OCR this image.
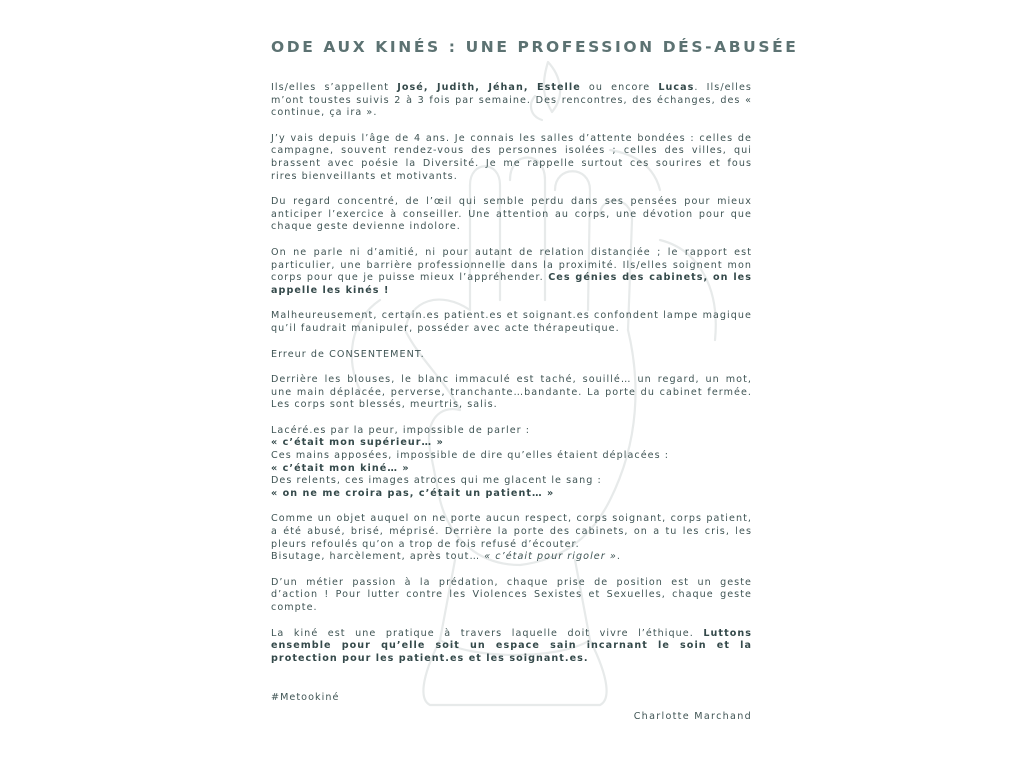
ODE AUX KINÉS : UNE PROFESSION DÉS-ABUSÉE

Ils/elles s’appellent José, Judith, Jéhan, Estelle ou encore Lucas. Ils/elles m’ont toustes suivis 2 à 3 fois par semaine. Des rencontres, des échanges, des « continue, ça ira ».

J’y vais depuis l’âge de 4 ans. Je connais les salles d’attente bondées : celles de campagne, souvent rendez-vous des personnes isolées ; celles des villes, qui brassent avec poésie la Diversité. Je me rappelle surtout ces sourires et fous rires bienveillants et motivants.

Du regard concentré, de l’œil qui semble perdu dans ses pensées pour mieux anticiper l’exercice à conseiller. Une attention au corps, une dévotion pour que chaque geste devienne indolore.

On ne parle ni d’amitié, ni pour autant de relation distanciée ; le rapport est particulier, une barrière professionnelle dans la proximité. Ils/elles soignent mon corps pour que je puisse mieux l’appréhender. Ces génies des cabinets, on les appelle les kinés !

Malheureusement, certain.es patient.es et soignant.es confondent lampe magique qu’il faudrait manipuler, posséder avec acte thérapeutique.

Erreur de CONSENTEMENT.

Derrière les blouses, le blanc immaculé est taché, souillé… un regard, un mot, une main déplacée, perverse, tranchante…bandante. La porte du cabinet fermée. Les corps sont blessés, meurtris, salis.

Lacéré.es par la peur, impossible de parler :
« c’était mon supérieur… »
Ces mains apposées, impossible de dire qu’elles étaient déplacées :
« c’était mon kiné… »
Des relents, ces images atroces qui me glacent le sang :
« on ne me croira pas, c’était un patient… »

Comme un objet auquel on ne porte aucun respect, corps soignant, corps patient, a été abusé, brisé, méprisé. Derrière la porte des cabinets, on a tu les cris, les pleurs refoulés qu’on a trop de fois refusé d’écouter.
Bisutage, harcèlement, après tout… « c’était pour rigoler ».

D’un métier passion à la prédation, chaque prise de position est un geste d’action ! Pour lutter contre les Violences Sexistes et Sexuelles, chaque geste compte.

La kiné est une pratique à travers laquelle doit vivre l’éthique. Luttons ensemble pour qu’elle soit un espace sain incarnant le soin et la protection pour les patient.es et les soignant.es.

#Metookiné

Charlotte Marchand
